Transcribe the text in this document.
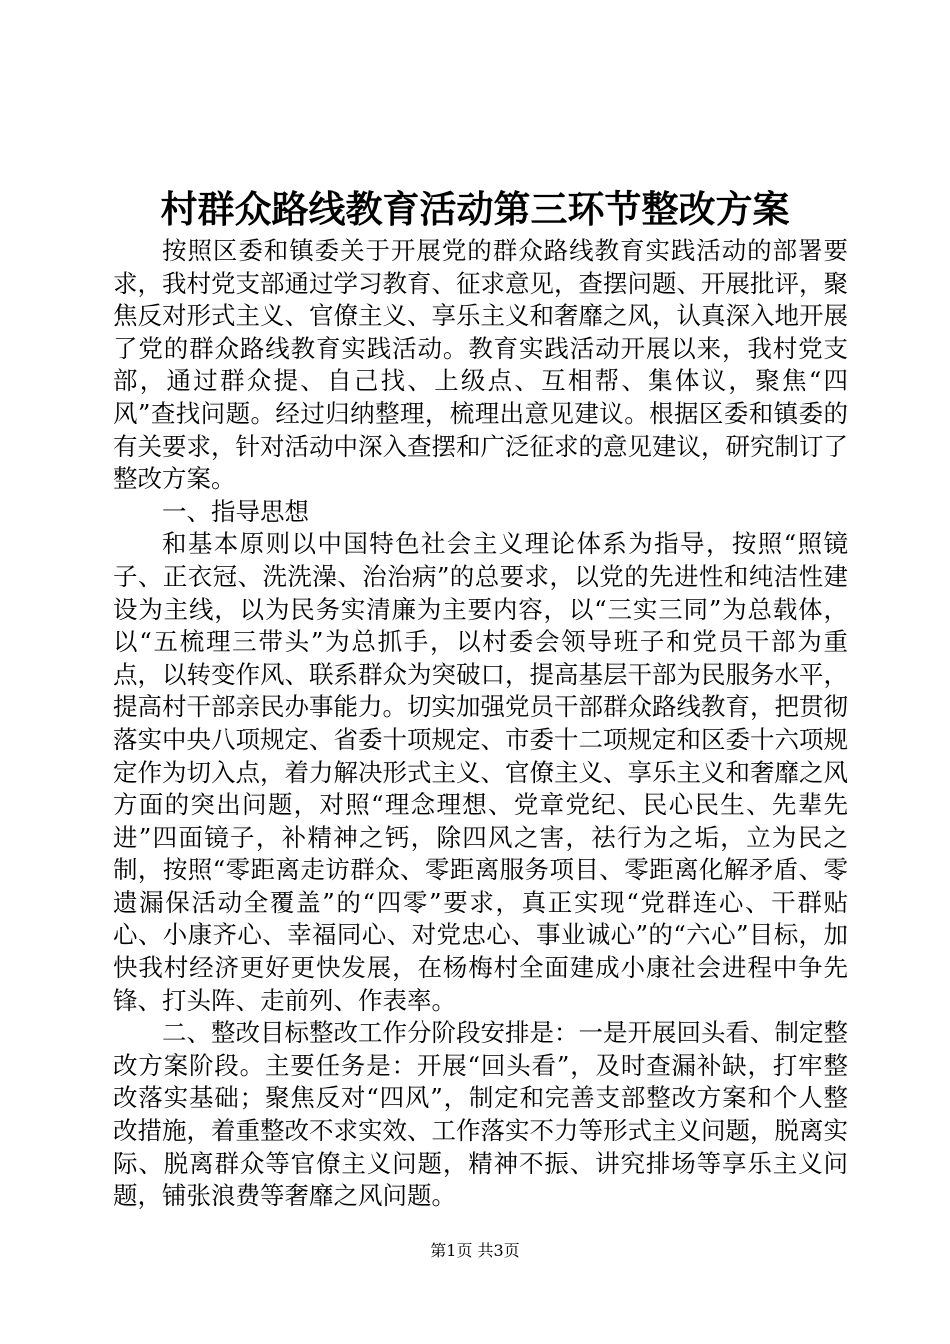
村群众路线教育活动第三环节整改方案

按照区委和镇委关于开展党的群众路线教育实践活动的部署要求，我村党支部通过学习教育、征求意见，查摆问题、开展批评，聚焦反对形式主义、官僚主义、享乐主义和奢靡之风，认真深入地开展了党的群众路线教育实践活动。教育实践活动开展以来，我村党支部，通过群众提、自己找、上级点、互相帮、集体议，聚焦“四风”查找问题。经过归纳整理，梳理出意见建议。根据区委和镇委的有关要求，针对活动中深入查摆和广泛征求的意见建议，研究制订了整改方案。

一、指导思想

和基本原则以中国特色社会主义理论体系为指导，按照“照镜子、正衣冠、洗洗澡、治治病”的总要求，以党的先进性和纯洁性建设为主线，以为民务实清廉为主要内容，以“三实三同”为总载体，以“五梳理三带头”为总抓手，以村委会领导班子和党员干部为重点，以转变作风、联系群众为突破口，提高基层干部为民服务水平，提高村干部亲民办事能力。切实加强党员干部群众路线教育，把贯彻落实中央八项规定、省委十项规定、市委十二项规定和区委十六项规定作为切入点，着力解决形式主义、官僚主义、享乐主义和奢靡之风方面的突出问题，对照“理念理想、党章党纪、民心民生、先辈先进”四面镜子，补精神之钙，除四风之害，祛行为之垢，立为民之制，按照“零距离走访群众、零距离服务项目、零距离化解矛盾、零遗漏保活动全覆盖”的“四零”要求，真正实现“党群连心、干群贴心、小康齐心、幸福同心、对党忠心、事业诚心”的“六心”目标，加快我村经济更好更快发展，在杨梅村全面建成小康社会进程中争先锋、打头阵、走前列、作表率。

二、整改目标整改工作分阶段安排是：一是开展回头看、制定整改方案阶段。主要任务是：开展“回头看”，及时查漏补缺，打牢整改落实基础；聚焦反对“四风”，制定和完善支部整改方案和个人整改措施，着重整改不求实效、工作落实不力等形式主义问题，脱离实际、脱离群众等官僚主义问题，精神不振、讲究排场等享乐主义问题，铺张浪费等奢靡之风问题。

第1页 共3页
